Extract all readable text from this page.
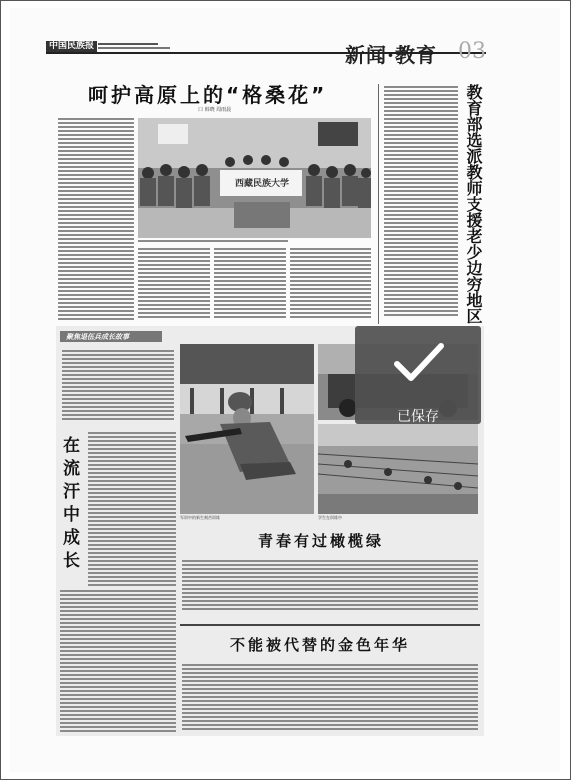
中国民族报	新闻·教育 03
呵护高原上的“格桑花”
口 韩晓 周雨晨
西藏民族大学	教育部选派教师支援老少边穷地区
聚焦退伍兵成长故事
在流汗中成长	军训中的新生刻苦训练	学生在训练中
青春有过橄榄绿
不能被代替的金色年华
已保存
